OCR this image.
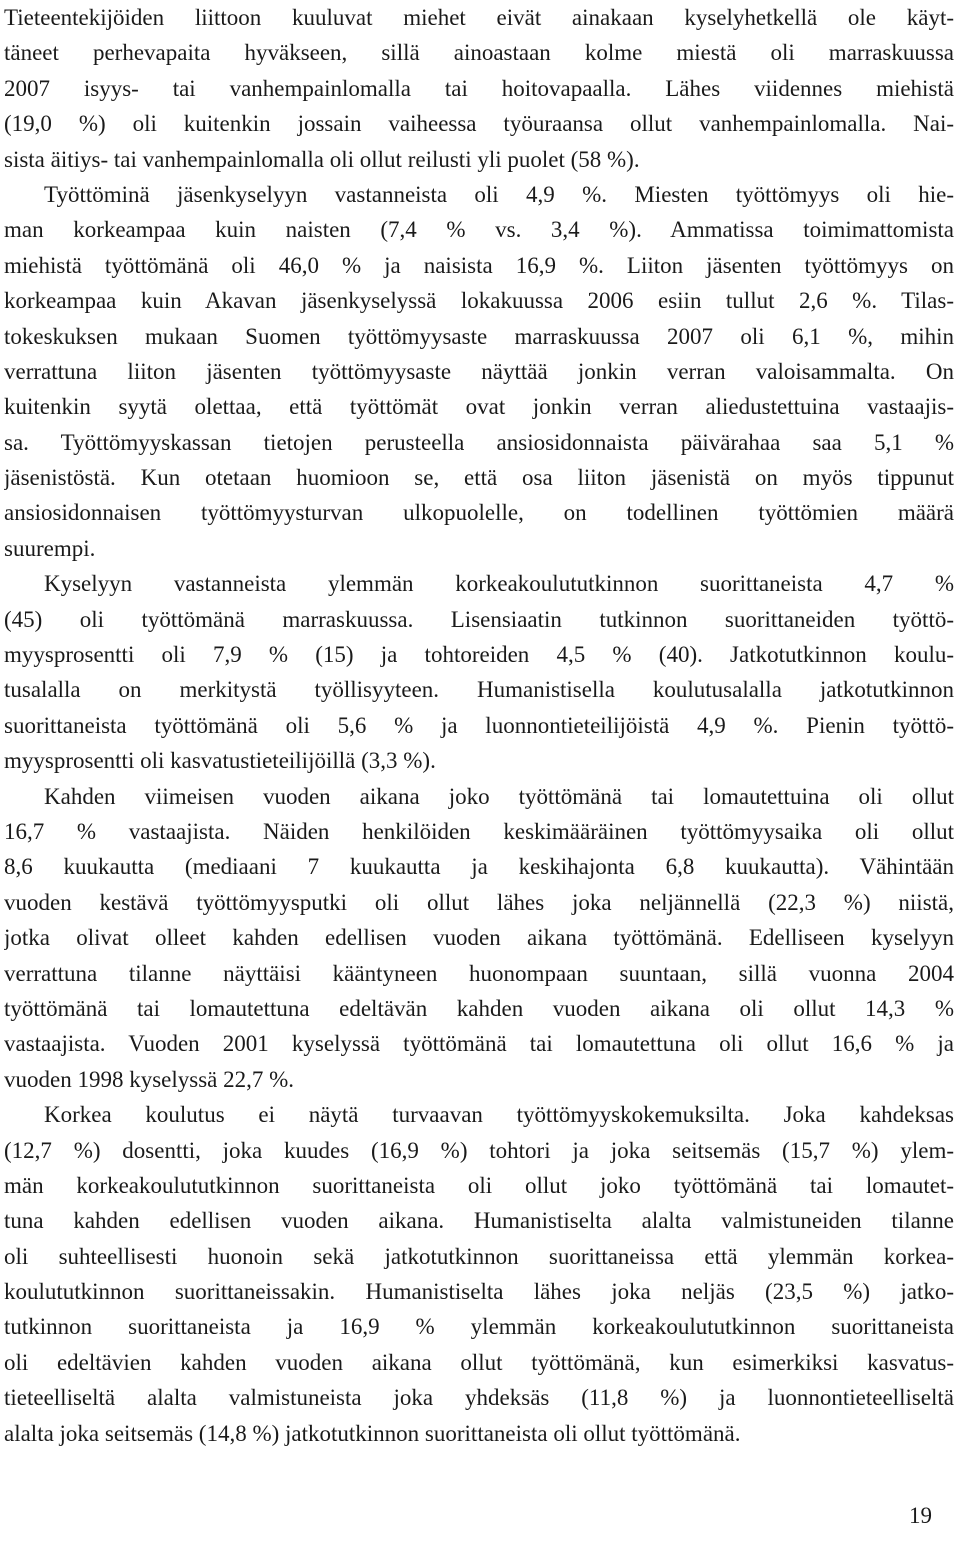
Tieteentekijöiden liittoon kuuluvat miehet eivät ainakaan kyselyhetkellä ole käyt-
täneet perhevapaita hyväkseen, sillä ainoastaan kolme miestä oli marraskuussa
2007 isyys- tai vanhempainlomalla tai hoitovapaalla. Lähes viidennes miehistä
(19,0 %) oli kuitenkin jossain vaiheessa työuraansa ollut vanhempainlomalla. Nai-
sista äitiys- tai vanhempainlomalla oli ollut reilusti yli puolet (58 %).
Työttöminä jäsenkyselyyn vastanneista oli 4,9 %. Miesten työttömyys oli hie-
man korkeampaa kuin naisten (7,4 % vs. 3,4 %). Ammatissa toimimattomista
miehistä työttömänä oli 46,0 % ja naisista 16,9 %. Liiton jäsenten työttömyys on
korkeampaa kuin Akavan jäsenkyselyssä lokakuussa 2006 esiin tullut 2,6 %. Tilas-
tokeskuksen mukaan Suomen työttömyysaste marraskuussa 2007 oli 6,1 %, mihin
verrattuna liiton jäsenten työttömyysaste näyttää jonkin verran valoisammalta. On
kuitenkin syytä olettaa, että työttömät ovat jonkin verran aliedustettuina vastaajis-
sa. Työttömyyskassan tietojen perusteella ansiosidonnaista päivärahaa saa 5,1 %
jäsenistöstä. Kun otetaan huomioon se, että osa liiton jäsenistä on myös tippunut
ansiosidonnaisen työttömyysturvan ulkopuolelle, on todellinen työttömien määrä
suurempi.
Kyselyyn vastanneista ylemmän korkeakoulututkinnon suorittaneista 4,7 %
(45) oli työttömänä marraskuussa. Lisensiaatin tutkinnon suorittaneiden työttö-
myysprosentti oli 7,9 % (15) ja tohtoreiden 4,5 % (40). Jatkotutkinnon koulu-
tusalalla on merkitystä työllisyyteen. Humanistisella koulutusalalla jatkotutkinnon
suorittaneista työttömänä oli 5,6 % ja luonnontieteilijöistä 4,9 %. Pienin työttö-
myysprosentti oli kasvatustieteilijöillä (3,3 %).
Kahden viimeisen vuoden aikana joko työttömänä tai lomautettuina oli ollut
16,7 % vastaajista. Näiden henkilöiden keskimääräinen työttömyysaika oli ollut
8,6 kuukautta (mediaani 7 kuukautta ja keskihajonta 6,8 kuukautta). Vähintään
vuoden kestävä työttömyysputki oli ollut lähes joka neljännellä (22,3 %) niistä,
jotka olivat olleet kahden edellisen vuoden aikana työttömänä. Edelliseen kyselyyn
verrattuna tilanne näyttäisi kääntyneen huonompaan suuntaan, sillä vuonna 2004
työttömänä tai lomautettuna edeltävän kahden vuoden aikana oli ollut 14,3 %
vastaajista. Vuoden 2001 kyselyssä työttömänä tai lomautettuna oli ollut 16,6 % ja
vuoden 1998 kyselyssä 22,7 %.
Korkea koulutus ei näytä turvaavan työttömyyskokemuksilta. Joka kahdeksas
(12,7 %) dosentti, joka kuudes (16,9 %) tohtori ja joka seitsemäs (15,7 %) ylem-
män korkeakoulututkinnon suorittaneista oli ollut joko työttömänä tai lomautet-
tuna kahden edellisen vuoden aikana. Humanistiselta alalta valmistuneiden tilanne
oli suhteellisesti huonoin sekä jatkotutkinnon suorittaneissa että ylemmän korkea-
koulututkinnon suorittaneissakin. Humanistiselta lähes joka neljäs (23,5 %) jatko-
tutkinnon suorittaneista ja 16,9 % ylemmän korkeakoulututkinnon suorittaneista
oli edeltävien kahden vuoden aikana ollut työttömänä, kun esimerkiksi kasvatus-
tieteelliseltä alalta valmistuneista joka yhdeksäs (11,8 %) ja luonnontieteelliseltä
alalta joka seitsemäs (14,8 %) jatkotutkinnon suorittaneista oli ollut työttömänä.
19
